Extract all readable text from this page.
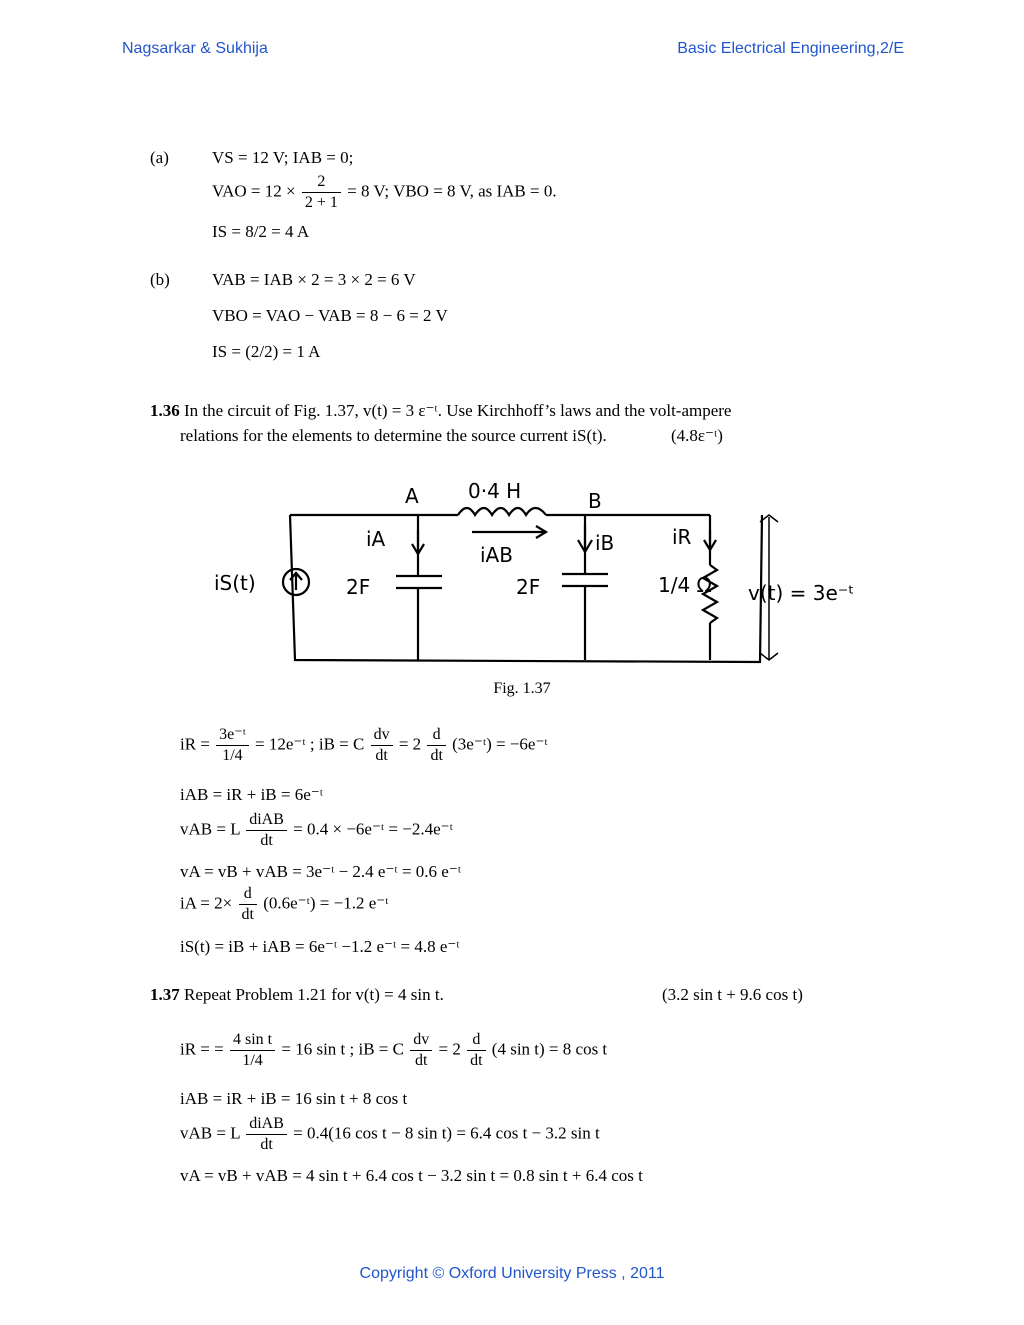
Nagsarkar & Sukhija	Basic Electrical Engineering,2/E
(a)	VS = 12 V; IAB = 0;
VAO = $12 \times \frac{2}{2 + 1} = 8$ V; VBO = 8 V, as IAB = 0.
IS = 8/2 = 4 A
(b) VAB = IAB × 2 = 3 × 2 = 6 V
VBO = VAO − VAB = 8 − 6 = 2 V
IS = (2/2) = 1 A
1.36 In the circuit of Fig. 1.37, v(t) = 3 ε⁻ᵗ. Use Kirchhoff’s laws and the volt-ampere
relations for the elements to determine the source current iS(t).	(4.8ε⁻ᵗ)
A	B
0·4 H
iA
iAB	iB	iR
iS(t)	2F	2F	1/4 Ω v(t) = 3e⁻ᵗ
Fig. 1.37
iR = $\frac{\text{3e⁻ᵗ}}{1/4}$ = 12e⁻ᵗ ; iB = C $\frac{dv}{dt} = 2 \frac{d}{dt}$ (3e⁻ᵗ) = −6e⁻ᵗ
iAB = iR + iB = 6e⁻ᵗ
vAB = L $\frac{\text{diAB}}{dt} = 0.4$ × −6e⁻ᵗ = −2.4e⁻ᵗ
vA = vB + vAB = 3e⁻ᵗ − 2.4 e⁻ᵗ = 0.6 e⁻ᵗ
iA = $2\times \frac{d}{dt}$ (0.6e⁻ᵗ) = −1.2 e⁻ᵗ
iS(t) = iB + iAB = 6e⁻ᵗ −1.2 e⁻ᵗ = 4.8 e⁻ᵗ
1.37 Repeat Problem 1.21 for v(t) = 4 sin t.	(3.2 sin t + 9.6 cos t)
iR = = $\frac{\text{4 sin t}}{1/4} = 16$ sin t ; iB = C $\frac{dv}{dt} = 2 \frac{d}{dt} (4$ sin t) = 8 cos t
iAB = iR + iB = 16 sin t + 8 cos t
vAB = L $\frac{\text{diAB}}{dt} = 0.4(16$ cos t − 8 sin t) = 6.4 cos t − 3.2 sin t
vA = vB + vAB = 4 sin t + 6.4 cos t − 3.2 sin t = 0.8 sin t + 6.4 cos t
Copyright © Oxford University Press , 2011
